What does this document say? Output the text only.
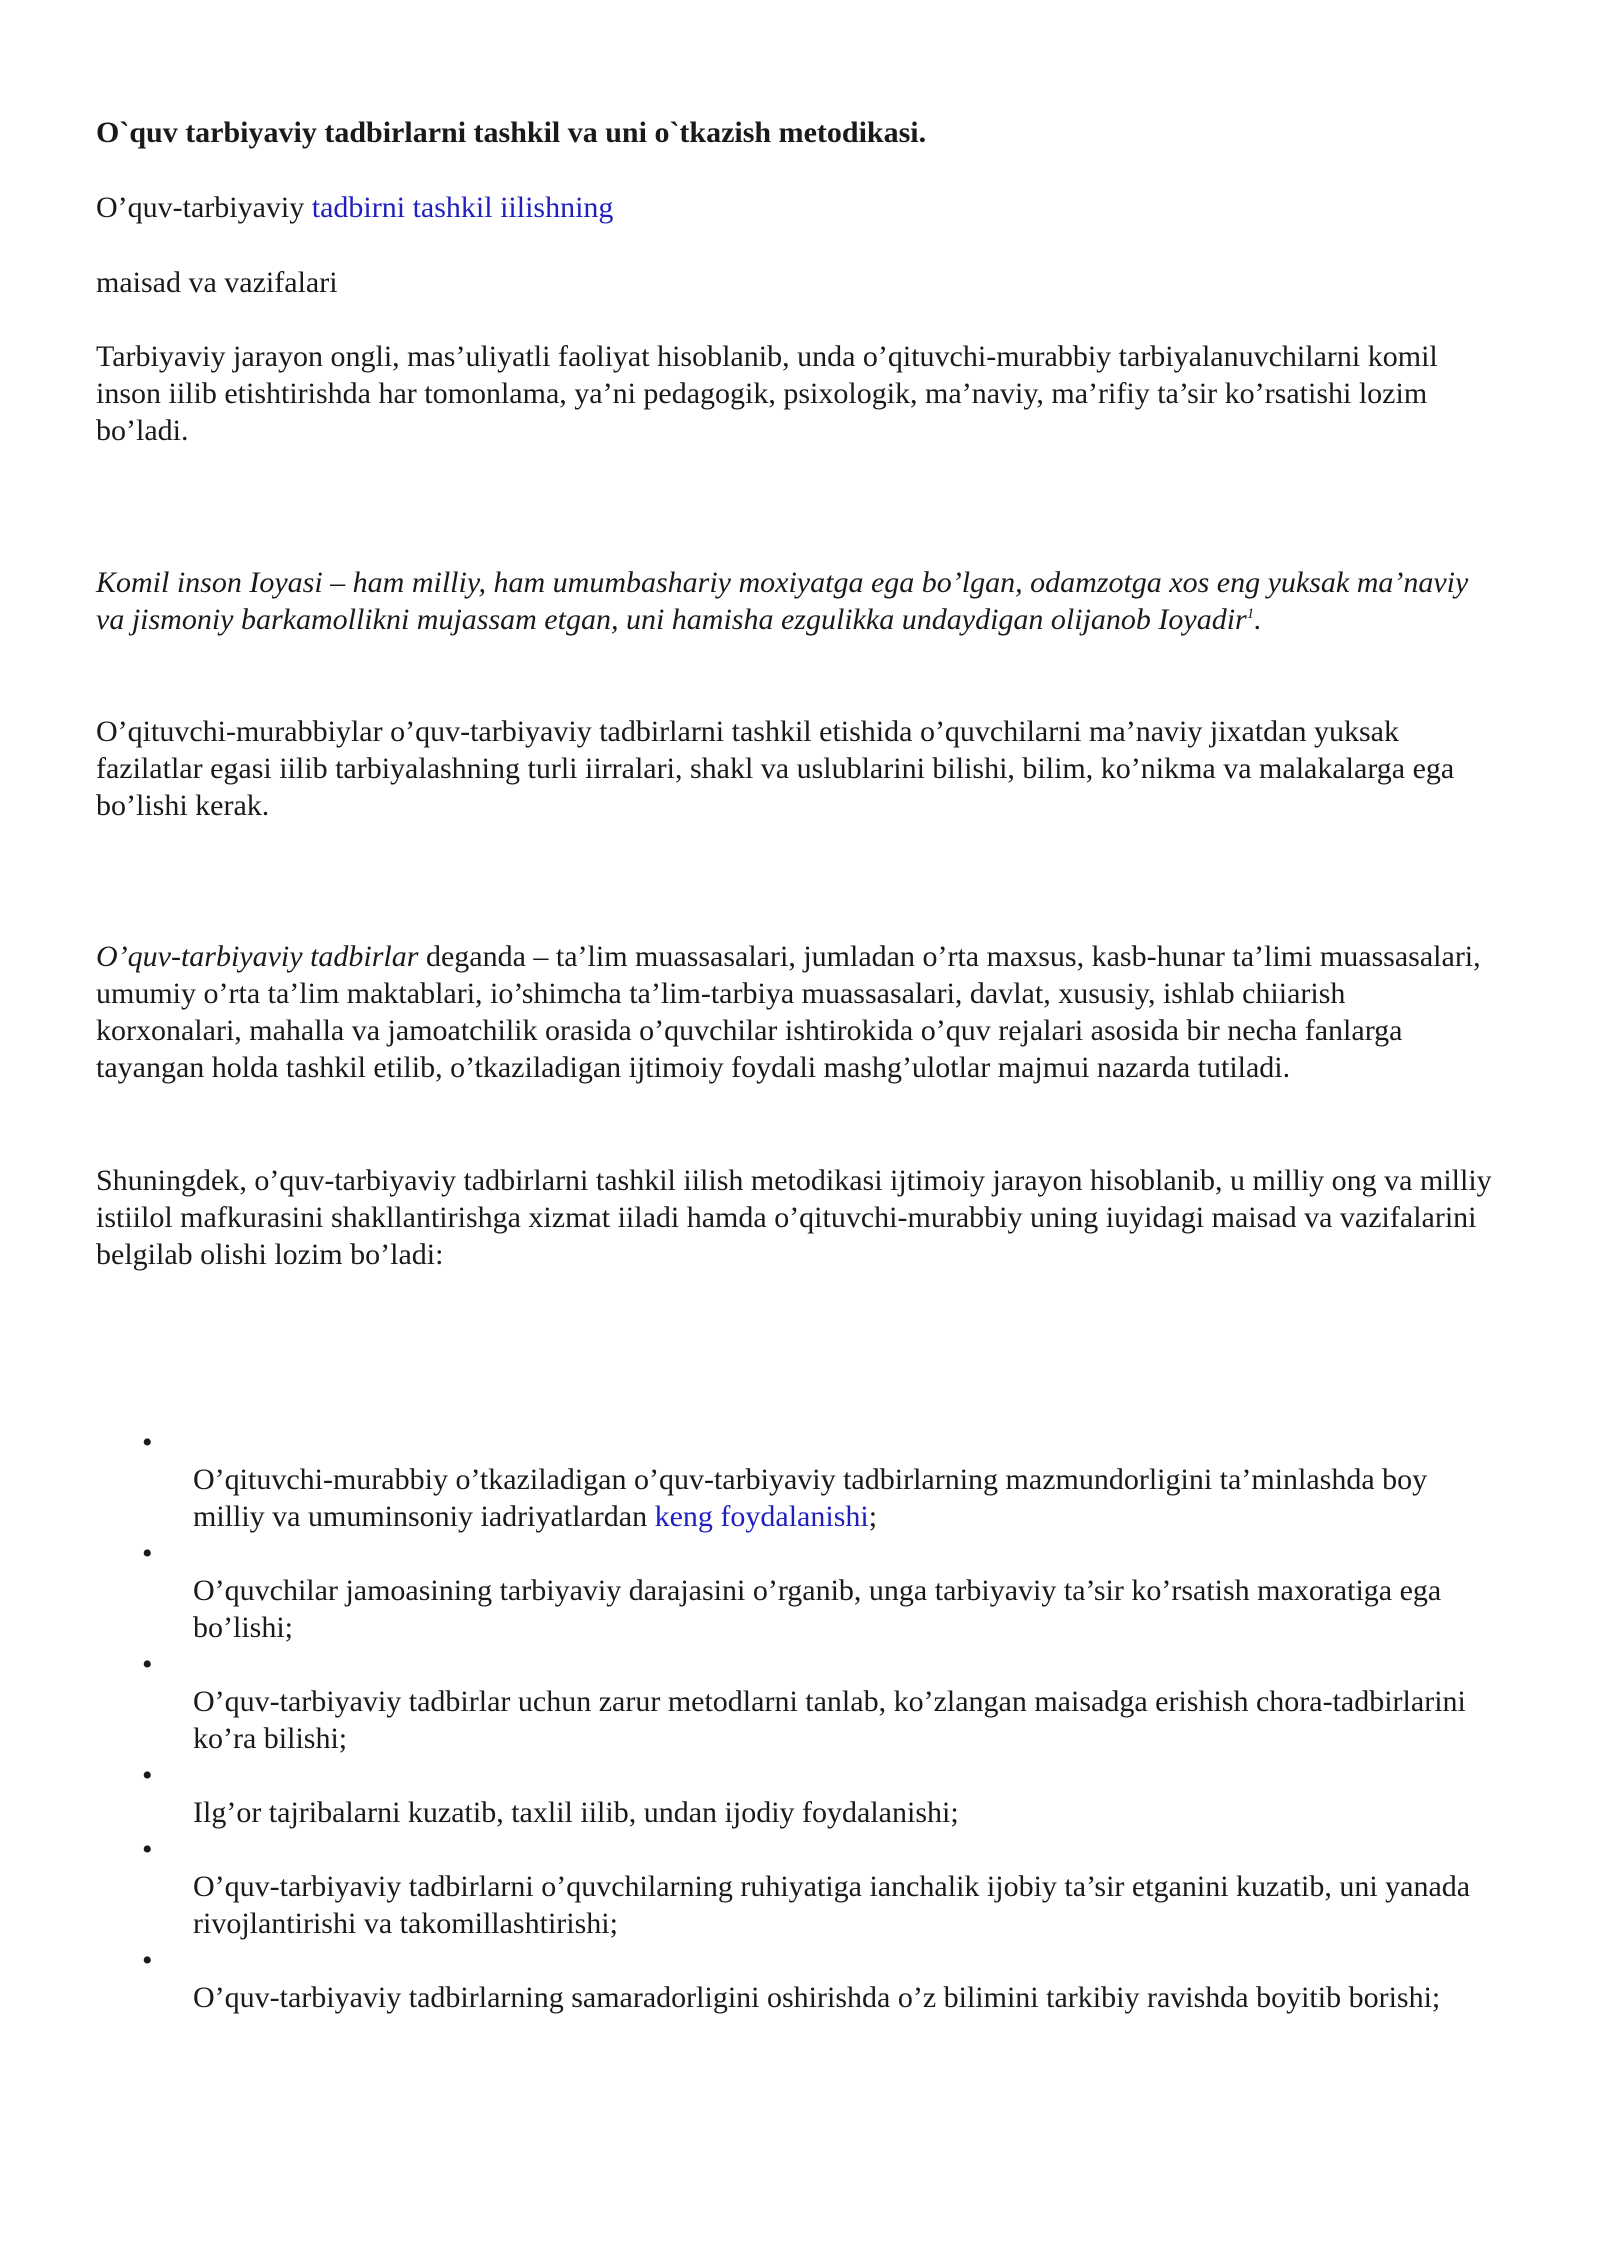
O`quv tarbiyaviy tadbirlarni tashkil va uni o`tkazish metodikasi.

O’quv-tarbiyaviy tadbirni tashkil iilishning

maisad va vazifalari

Tarbiyaviy jarayon ongli, mas’uliyatli faoliyat hisoblanib, unda o’qituvchi-murabbiy tarbiyalanuvchilarni komil inson iilib etishtirishda har tomonlama, ya’ni pedagogik, psixologik, ma’naviy, ma’rifiy ta’sir ko’rsatishi lozim bo’ladi.

Komil inson Ioyasi – ham milliy, ham umumbashariy moxiyatga ega bo’lgan, odamzotga xos eng yuksak ma’naviy va jismoniy barkamollikni mujassam etgan, uni hamisha ezgulikka undaydigan olijanob Ioyadir$^1$.

O’qituvchi-murabbiylar o’quv-tarbiyaviy tadbirlarni tashkil etishida o’quvchilarni ma’naviy jixatdan yuksak fazilatlar egasi iilib tarbiyalashning turli iirralari, shakl va uslublarini bilishi, bilim, ko’nikma va malakalarga ega bo’lishi kerak.

O’quv-tarbiyaviy tadbirlar deganda – ta’lim muassasalari, jumladan o’rta maxsus, kasb-hunar ta’limi muassasalari, umumiy o’rta ta’lim maktablari, io’shimcha ta’lim-tarbiya muassasalari, davlat, xususiy, ishlab chiiarish korxonalari, mahalla va jamoatchilik orasida o’quvchilar ishtirokida o’quv rejalari asosida bir necha fanlarga tayangan holda tashkil etilib, o’tkaziladigan ijtimoiy foydali mashg’ulotlar majmui nazarda tutiladi.

Shuningdek, o’quv-tarbiyaviy tadbirlarni tashkil iilish metodikasi ijtimoiy jarayon hisoblanib, u milliy ong va milliy istiilol mafkurasini shakllantirishga xizmat iiladi hamda o’qituvchi-murabbiy uning iuyidagi maisad va vazifalarini belgilab olishi lozim bo’ladi:

•
O’qituvchi-murabbiy o’tkaziladigan o’quv-tarbiyaviy tadbirlarning mazmundorligini ta’minlashda boy milliy va umuminsoniy iadriyatlardan keng foydalanishi;
•
O’quvchilar jamoasining tarbiyaviy darajasini o’rganib, unga tarbiyaviy ta’sir ko’rsatish maxoratiga ega bo’lishi;
•
O’quv-tarbiyaviy tadbirlar uchun zarur metodlarni tanlab, ko’zlangan maisadga erishish chora-tadbirlarini ko’ra bilishi;
•
Ilg’or tajribalarni kuzatib, taxlil iilib, undan ijodiy foydalanishi;
•
O’quv-tarbiyaviy tadbirlarni o’quvchilarning ruhiyatiga ianchalik ijobiy ta’sir etganini kuzatib, uni yanada rivojlantirishi va takomillashtirishi;
•
O’quv-tarbiyaviy tadbirlarning samaradorligini oshirishda o’z bilimini tarkibiy ravishda boyitib borishi;
